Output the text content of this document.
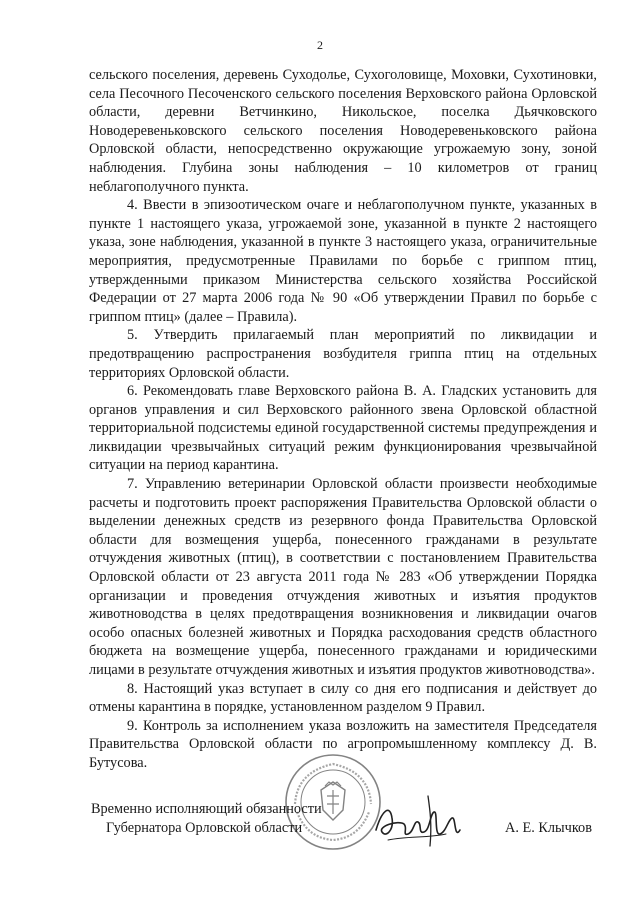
2

сельского поселения, деревень Суходолье, Сухоголовище, Моховки, Сухотиновки, села Песочного Песоченского сельского поселения Верховского района Орловской области, деревни Ветчинкино, Никольское, поселка Дьячковского Новодеревеньковского сельского поселения Новодеревеньковского района Орловской области, непосредственно окружающие угрожаемую зону, зоной наблюдения. Глубина зоны наблюдения – 10 километров от границ неблагополучного пункта.

4. Ввести в эпизоотическом очаге и неблагополучном пункте, указанных в пункте 1 настоящего указа, угрожаемой зоне, указанной в пункте 2 настоящего указа, зоне наблюдения, указанной в пункте 3 настоящего указа, ограничительные мероприятия, предусмотренные Правилами по борьбе с гриппом птиц, утвержденными приказом Министерства сельского хозяйства Российской Федерации от 27 марта 2006 года № 90 «Об утверждении Правил по борьбе с гриппом птиц» (далее – Правила).

5. Утвердить прилагаемый план мероприятий по ликвидации и предотвращению распространения возбудителя гриппа птиц на отдельных территориях Орловской области.

6. Рекомендовать главе Верховского района В. А. Гладских установить для органов управления и сил Верховского районного звена Орловской областной территориальной подсистемы единой государственной системы предупреждения и ликвидации чрезвычайных ситуаций режим функционирования чрезвычайной ситуации на период карантина.

7. Управлению ветеринарии Орловской области произвести необходимые расчеты и подготовить проект распоряжения Правительства Орловской области о выделении денежных средств из резервного фонда Правительства Орловской области для возмещения ущерба, понесенного гражданами в результате отчуждения животных (птиц), в соответствии с постановлением Правительства Орловской области от 23 августа 2011 года № 283 «Об утверждении Порядка организации и проведения отчуждения животных и изъятия продуктов животноводства в целях предотвращения возникновения и ликвидации очагов особо опасных болезней животных и Порядка расходования средств областного бюджета на возмещение ущерба, понесенного гражданами и юридическими лицами в результате отчуждения животных и изъятия продуктов животноводства».

8. Настоящий указ вступает в силу со дня его подписания и действует до отмены карантина в порядке, установленном разделом 9 Правил.

9. Контроль за исполнением указа возложить на заместителя Председателя Правительства Орловской области по агропромышленному комплексу Д. В. Бутусова.

Временно исполняющий обязанности
Губернатора Орловской области	А. Е. Клычков
